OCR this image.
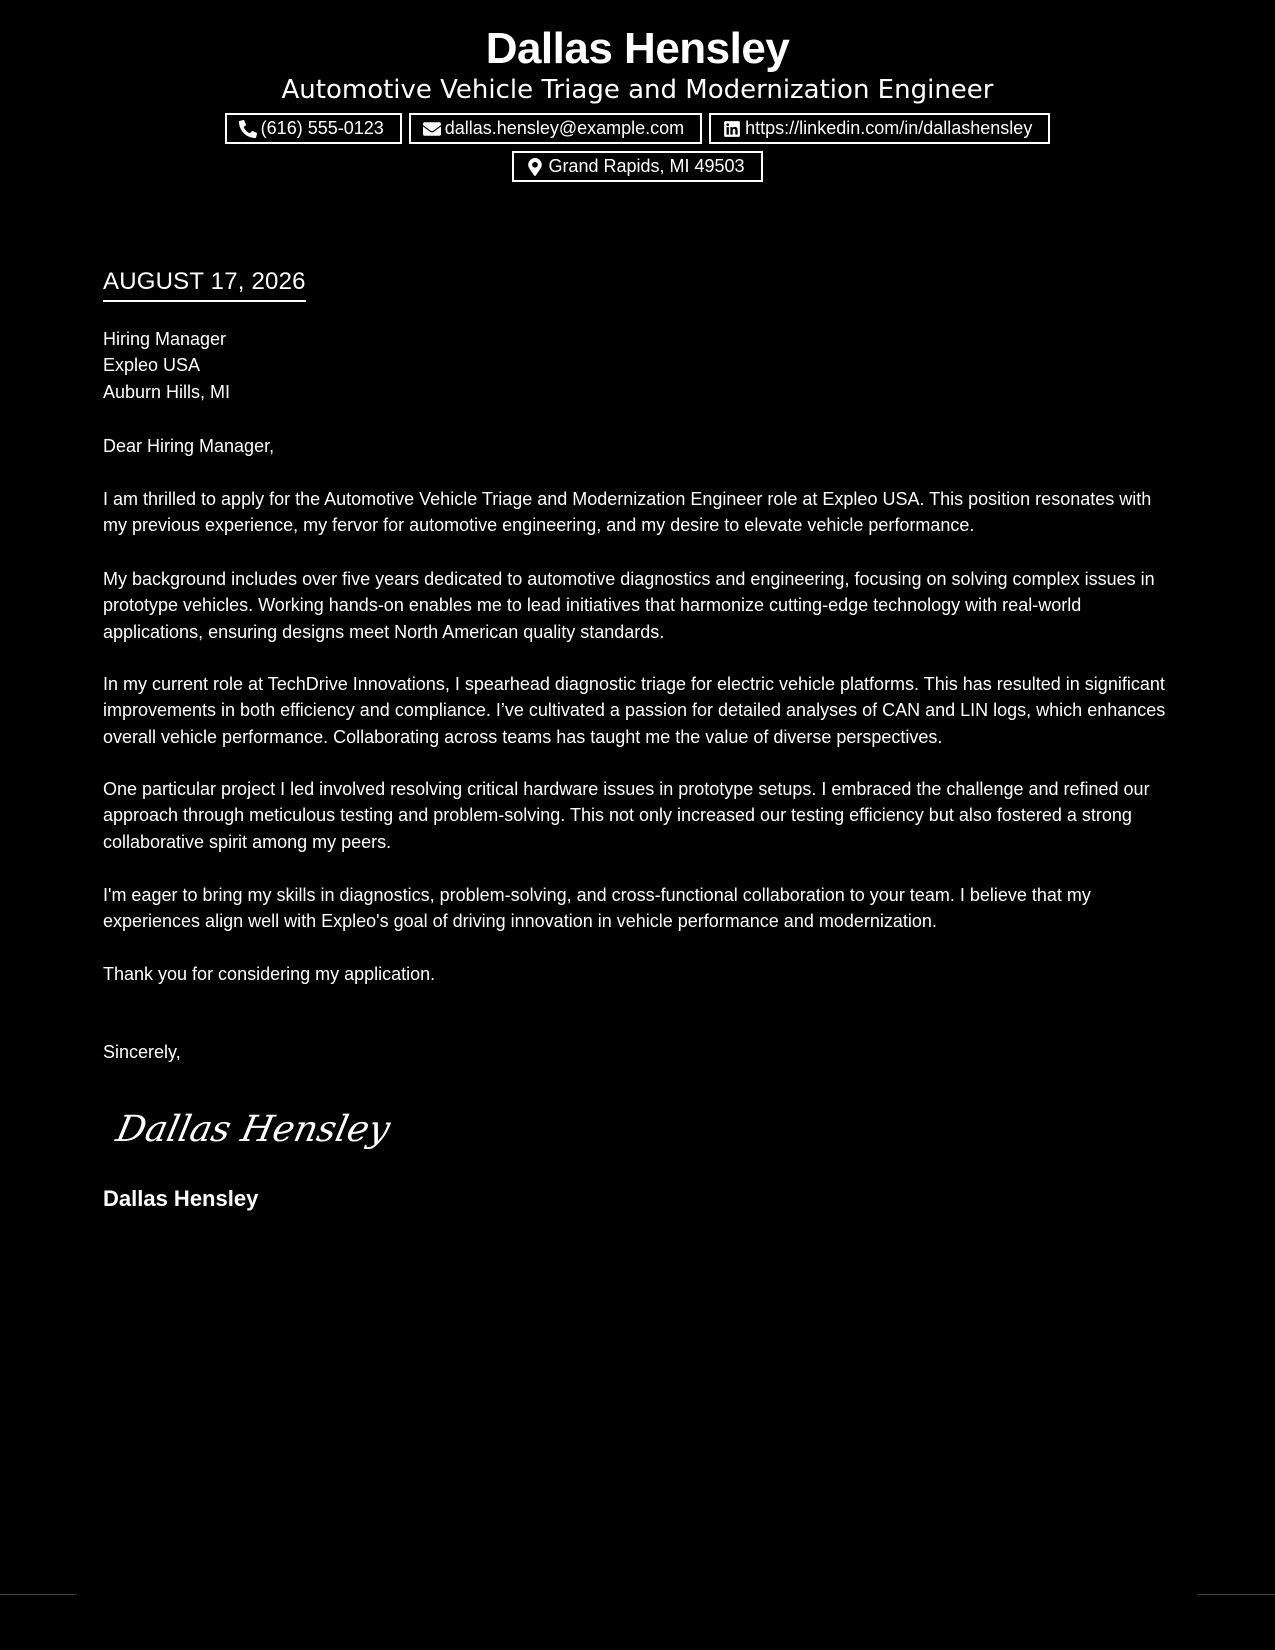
Dallas Hensley
Automotive Vehicle Triage and Modernization Engineer
(616) 555-0123	dallas.hensley@example.com	https://linkedin.com/in/dallashensley
Grand Rapids, MI 49503
AUGUST 17, 2026
Hiring Manager
Expleo USA
Auburn Hills, MI

Dear Hiring Manager,

I am thrilled to apply for the Automotive Vehicle Triage and Modernization Engineer role at Expleo USA. This position resonates with my previous experience, my fervor for automotive engineering, and my desire to elevate vehicle performance.

My background includes over five years dedicated to automotive diagnostics and engineering, focusing on solving complex issues in prototype vehicles. Working hands-on enables me to lead initiatives that harmonize cutting-edge technology with real-world applications, ensuring designs meet North American quality standards.

In my current role at TechDrive Innovations, I spearhead diagnostic triage for electric vehicle platforms. This has resulted in significant improvements in both efficiency and compliance. I’ve cultivated a passion for detailed analyses of CAN and LIN logs, which enhances overall vehicle performance. Collaborating across teams has taught me the value of diverse perspectives.

One particular project I led involved resolving critical hardware issues in prototype setups. I embraced the challenge and refined our approach through meticulous testing and problem-solving. This not only increased our testing efficiency but also fostered a strong collaborative spirit among my peers.

I'm eager to bring my skills in diagnostics, problem-solving, and cross-functional collaboration to your team. I believe that my experiences align well with Expleo's goal of driving innovation in vehicle performance and modernization.

Thank you for considering my application.

Sincerely,

Dallas Hensley
Dallas Hensley
